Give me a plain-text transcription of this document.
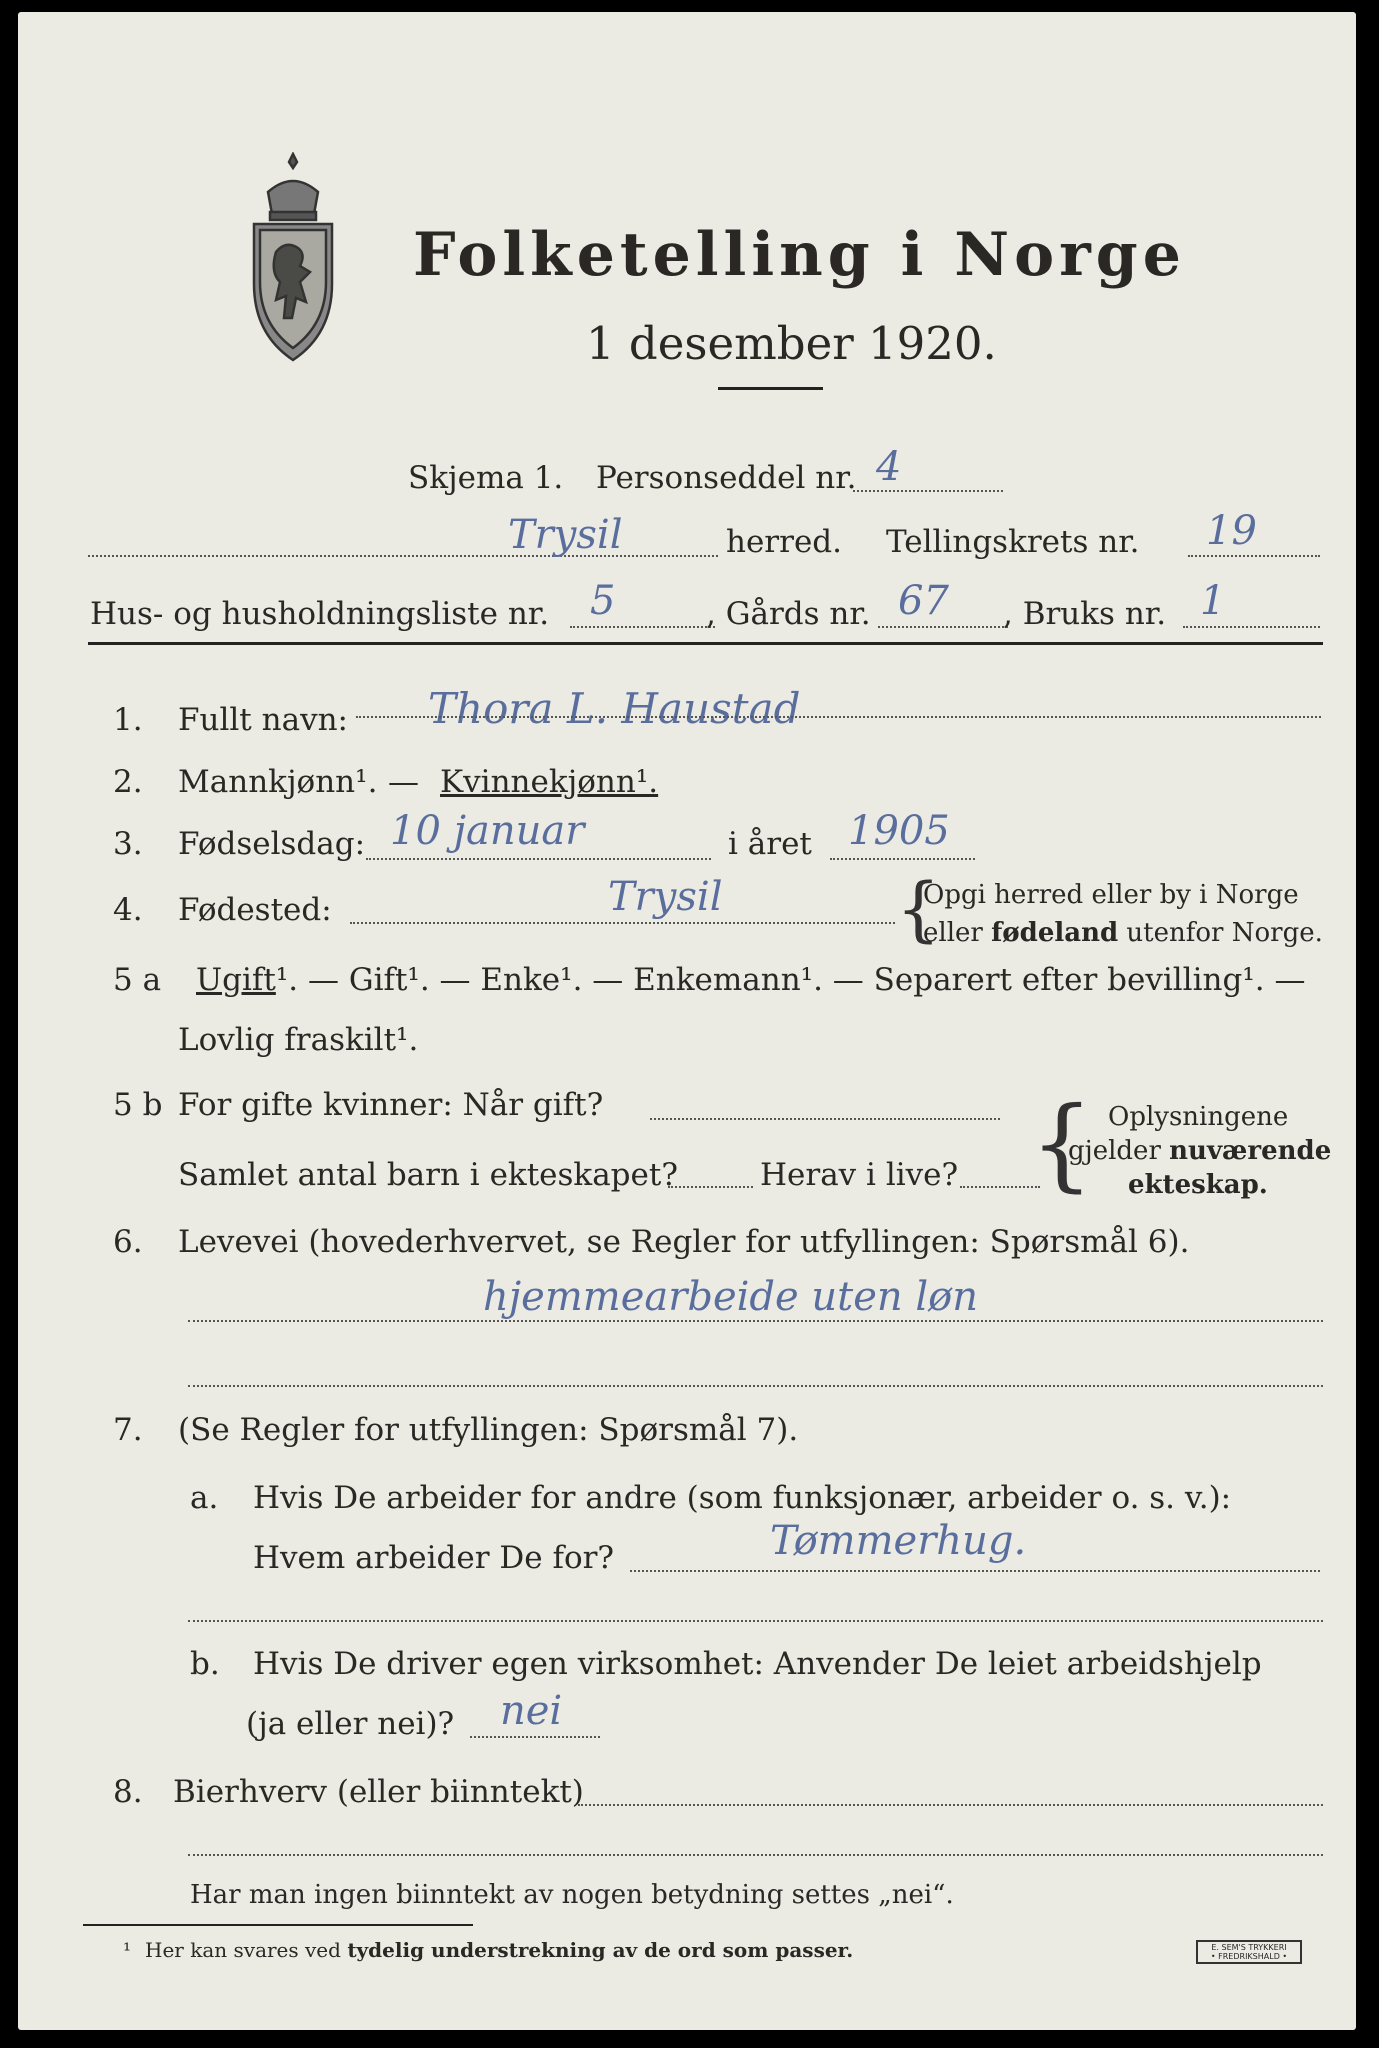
Folketelling i Norge
1 desember 1920.
Skjema 1. Personseddel nr. 4
Trysil	herred. Tellingskrets nr. 19
Hus- og husholdningsliste nr. 5	, Gårds nr. 67 , Bruks nr. 1
1. Fullt navn: Thora L. Haustad
2. Mannkjønn¹. — Kvinnekjønn¹.
3. Fødselsdag: 10 januar	i året 1905
4. Fødested:	Trysil {
Opgi herred eller by i Norge
eller fødeland utenfor Norge.
5 a Ugift¹. — Gift¹. — Enke¹. — Enkemann¹. — Separert efter bevilling¹. —
Lovlig fraskilt¹.
5 b For gifte kvinner: Når gift?
Samlet antal barn i ekteskapet?	Herav i live? { Oplysningene
gjelder nuværende
ekteskap.
6. Levevei (hovederhvervet, se Regler for utfyllingen: Spørsmål 6).
hjemmearbeide uten løn
7. (Se Regler for utfyllingen: Spørsmål 7).
a. Hvis De arbeider for andre (som funksjonær, arbeider o. s. v.):
Hvem arbeider De for?	Tømmerhug.
b. Hvis De driver egen virksomhet: Anvender De leiet arbeidshjelp
(ja eller nei)? nei
8. Bierhverv (eller biinntekt)
Har man ingen biinntekt av nogen betydning settes „nei“.
¹ Her kan svares ved tydelig understrekning av de ord som passer.	E. SEM'S TRYKKERI
• FREDRIKSHALD •
